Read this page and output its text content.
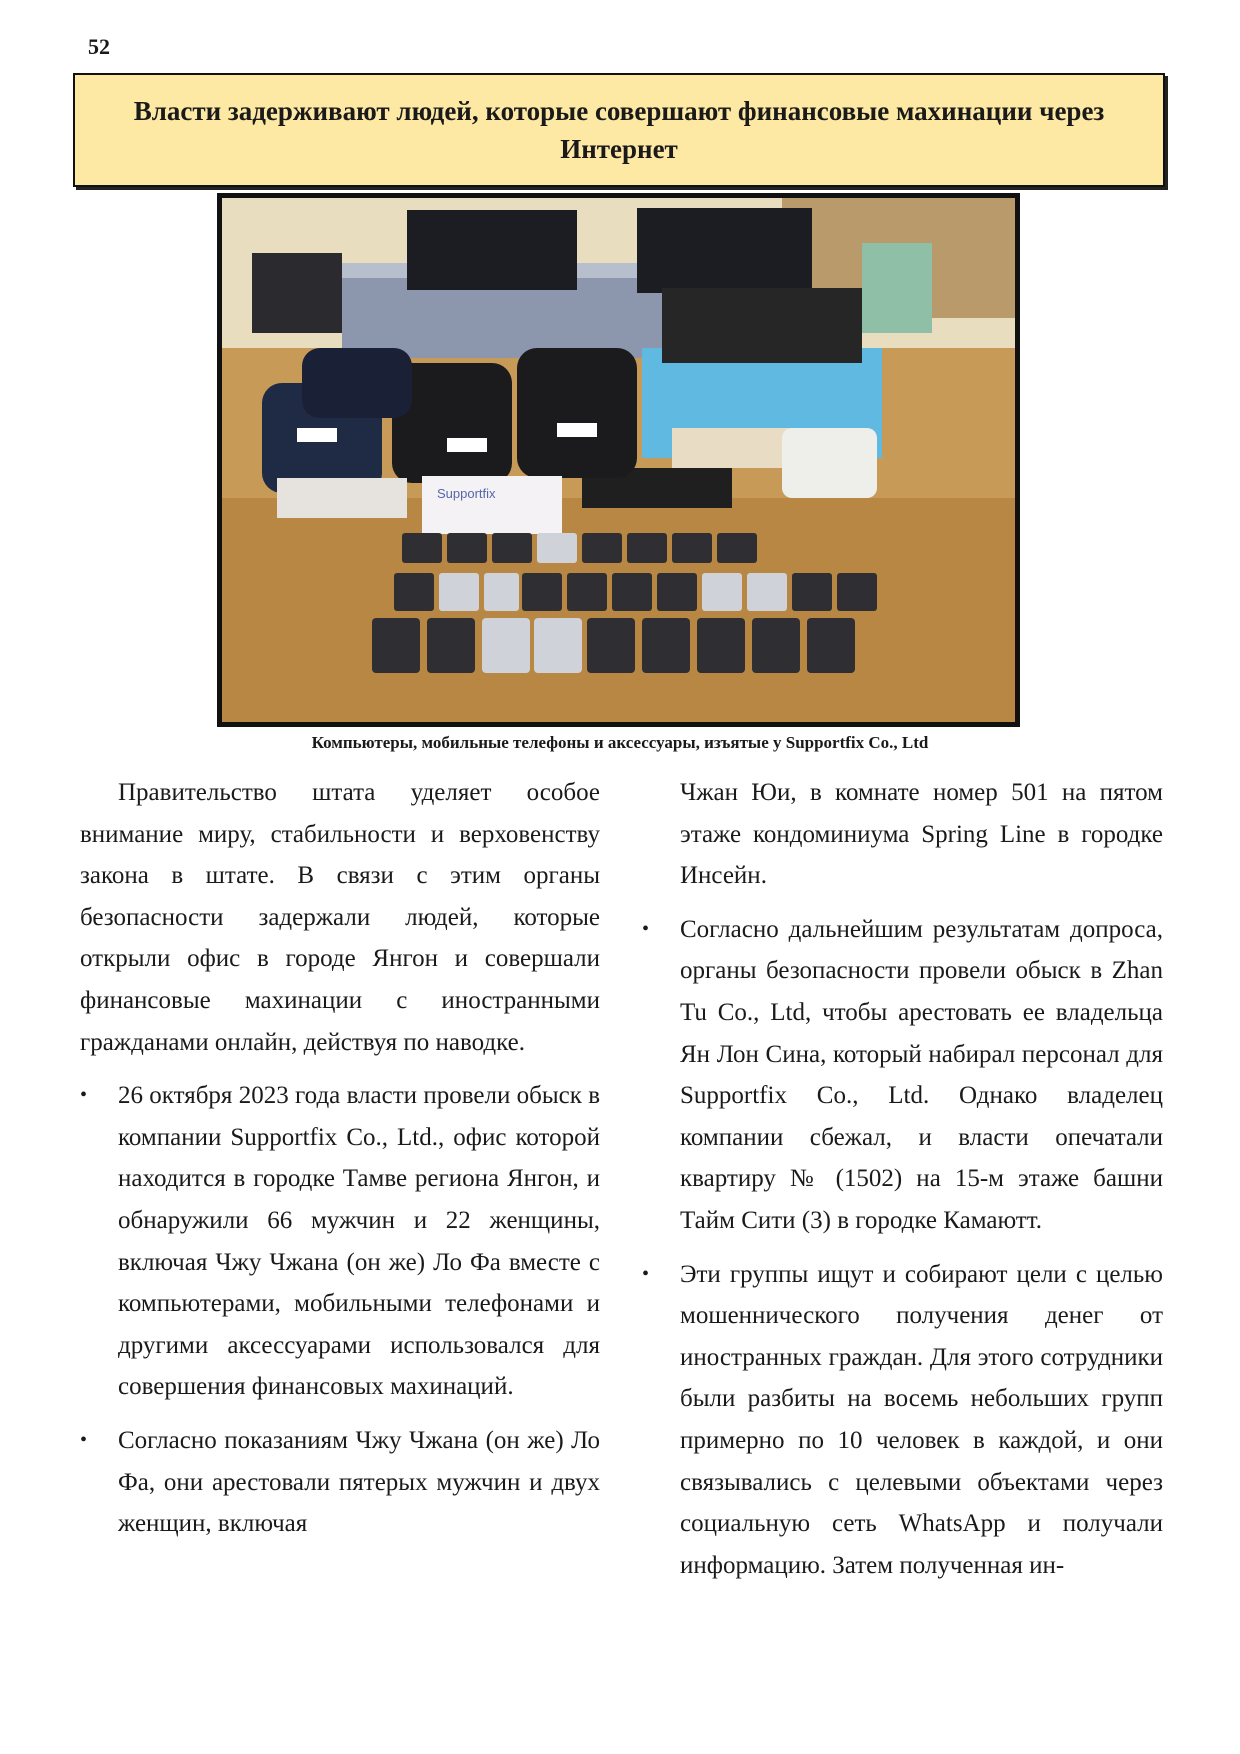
52
Власти задерживают людей, которые совершают финансовые махинации через Интернет
Supportfix
Компьютеры, мобильные телефоны и аксессуары, изъятые у Supportfix Co., Ltd

Правительство штата уделяет особое внимание миру, стабильности и верховенству закона в штате. В связи с этим органы безопасности задержали людей, которые открыли офис в городе Янгон и совершали финансовые махинации с иностранными гражданами онлайн, действуя по наводке.

• 26 октября 2023 года власти провели обыск в компании Supportfix Co., Ltd., офис которой находится в городке Тамве региона Янгон, и обнаружили 66 мужчин и 22 женщины, включая Чжу Чжана (он же) Ло Фа вместе с компьютерами, мобильными телефонами и другими аксессуарами использовался для совершения финансовых махинаций.
• Согласно показаниям Чжу Чжана (он же) Ло Фа, они арестовали пятерых мужчин и двух женщин, включая

Чжан Юи, в комнате номер 501 на пятом этаже кондоминиума Spring Line в городке Инсейн.

• Согласно дальнейшим результатам допроса, органы безопасности провели обыск в Zhan Tu Co., Ltd, чтобы арестовать ее владельца Ян Лон Сина, который набирал персонал для Supportfix Co., Ltd. Однако владелец компании сбежал, и власти опечатали квартиру № (1502) на 15-м этаже башни Тайм Сити (3) в городке Камаютт.
• Эти группы ищут и собирают цели с целью мошеннического получения денег от иностранных граждан. Для этого сотрудники были разбиты на восемь небольших групп примерно по 10 человек в каждой, и они связывались с целевыми объектами через социальную сеть WhatsApp и получали информацию. Затем полученная ин-
